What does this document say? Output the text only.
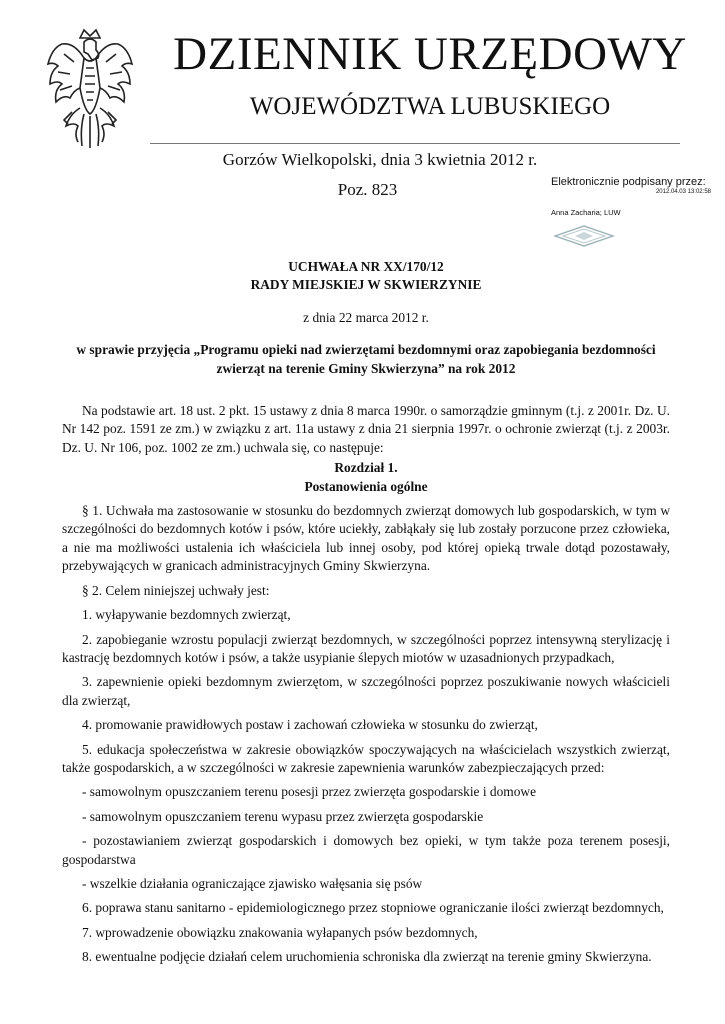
DZIENNIK URZĘDOWY
WOJEWÓDZTWA LUBUSKIEGO
Gorzów Wielkopolski, dnia 3 kwietnia 2012 r.
Poz. 823	Elektronicznie podpisany przez:
2012.04.03 13:02:58
Anna Zacharia; LUW

UCHWAŁA NR XX/170/12

RADY MIEJSKIEJ W SKWIERZYNIE

z dnia 22 marca 2012 r.

w sprawie przyjęcia „Programu opieki nad zwierzętami bezdomnymi oraz zapobiegania bezdomności

zwierząt na terenie Gminy Skwierzyna” na rok 2012

Na podstawie art. 18 ust. 2 pkt. 15 ustawy z dnia 8 marca 1990r. o samorządzie gminnym (t.j. z 2001r. Dz. U. Nr 142 poz. 1591 ze zm.) w związku z art. 11a ustawy z dnia 21 sierpnia 1997r. o ochronie zwierząt (t.j. z 2003r. Dz. U. Nr 106, poz. 1002 ze zm.) uchwala się, co następuje:

Rozdział 1.

Postanowienia ogólne

§ 1. Uchwała ma zastosowanie w stosunku do bezdomnych zwierząt domowych lub gospodarskich, w tym w szczególności do bezdomnych kotów i psów, które uciekły, zabłąkały się lub zostały porzucone przez człowieka, a nie ma możliwości ustalenia ich właściciela lub innej osoby, pod której opieką trwale dotąd pozostawały, przebywających w granicach administracyjnych Gminy Skwierzyna.

§ 2. Celem niniejszej uchwały jest:

1. wyłapywanie bezdomnych zwierząt,

2. zapobieganie wzrostu populacji zwierząt bezdomnych, w szczególności poprzez intensywną sterylizację i kastrację bezdomnych kotów i psów, a także usypianie ślepych miotów w uzasadnionych przypadkach,

3. zapewnienie opieki bezdomnym zwierzętom, w szczególności poprzez poszukiwanie nowych właścicieli dla zwierząt,

4. promowanie prawidłowych postaw i zachowań człowieka w stosunku do zwierząt,

5. edukacja społeczeństwa w zakresie obowiązków spoczywających na właścicielach wszystkich zwierząt, także gospodarskich, a w szczególności w zakresie zapewnienia warunków zabezpieczających przed:

- samowolnym opuszczaniem terenu posesji przez zwierzęta gospodarskie i domowe

- samowolnym opuszczaniem terenu wypasu przez zwierzęta gospodarskie

- pozostawianiem zwierząt gospodarskich i domowych bez opieki, w tym także poza terenem posesji, gospodarstwa

- wszelkie działania ograniczające zjawisko wałęsania się psów

6. poprawa stanu sanitarno - epidemiologicznego przez stopniowe ograniczanie ilości zwierząt bezdomnych,

7. wprowadzenie obowiązku znakowania wyłapanych psów bezdomnych,

8. ewentualne podjęcie działań celem uruchomienia schroniska dla zwierząt na terenie gminy Skwierzyna.
